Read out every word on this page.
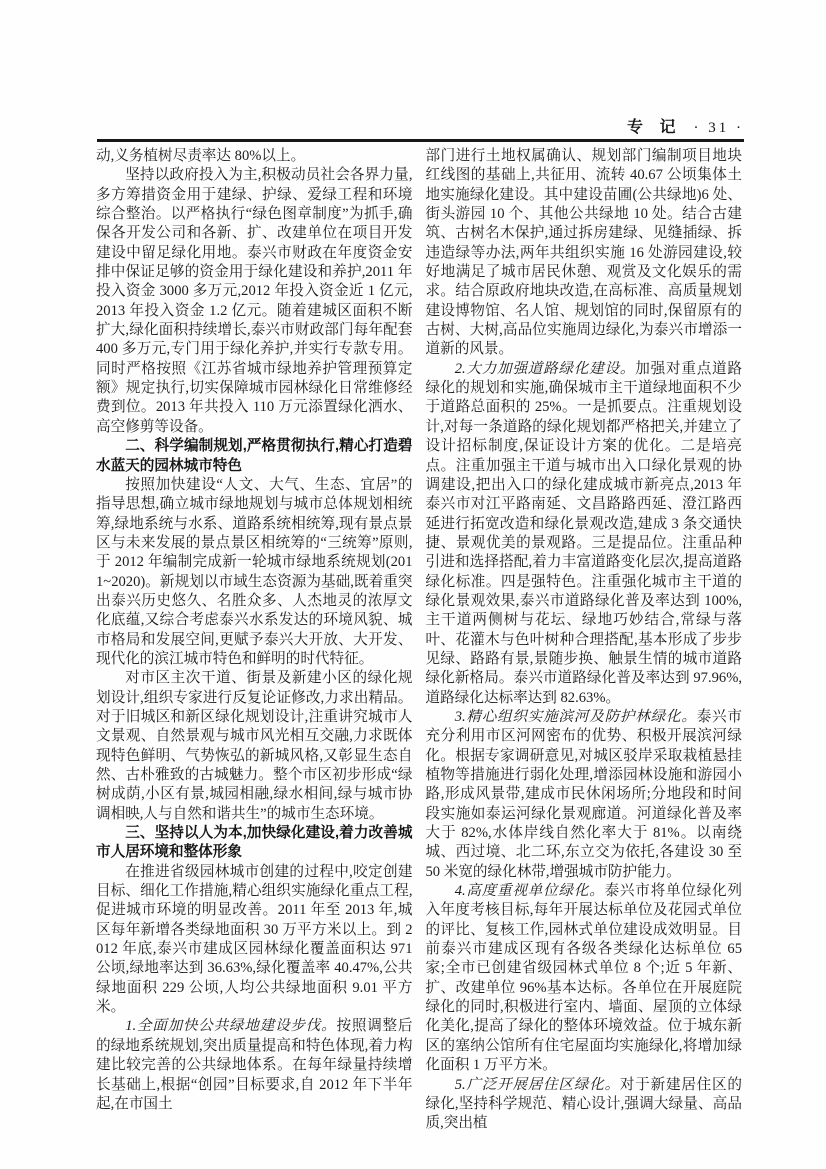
专 记 · 31 ·

动,义务植树尽责率达 80%以上。

坚持以政府投入为主,积极动员社会各界力量,多方筹措资金用于建绿、护绿、爱绿工程和环境综合整治。以严格执行“绿色图章制度”为抓手,确保各开发公司和各新、扩、改建单位在项目开发建设中留足绿化用地。泰兴市财政在年度资金安排中保证足够的资金用于绿化建设和养护,2011 年投入资金 3000 多万元,2012 年投入资金近 1 亿元,2013 年投入资金 1.2 亿元。随着建城区面积不断扩大,绿化面积持续增长,泰兴市财政部门每年配套 400 多万元,专门用于绿化养护,并实行专款专用。同时严格按照《江苏省城市绿地养护管理预算定额》规定执行,切实保障城市园林绿化日常维修经费到位。2013 年共投入 110 万元添置绿化洒水、高空修剪等设备。

二、科学编制规划,严格贯彻执行,精心打造碧水蓝天的园林城市特色

按照加快建设“人文、大气、生态、宜居”的指导思想,确立城市绿地规划与城市总体规划相统筹,绿地系统与水系、道路系统相统筹,现有景点景区与未来发展的景点景区相统筹的“三统筹”原则,于 2012 年编制完成新一轮城市绿地系统规划(2011~2020)。新规划以市域生态资源为基础,既着重突出泰兴历史悠久、名胜众多、人杰地灵的浓厚文化底蕴,又综合考虑泰兴水系发达的环境风貌、城市格局和发展空间,更赋予泰兴大开放、大开发、现代化的滨江城市特色和鲜明的时代特征。

对市区主次干道、街景及新建小区的绿化规划设计,组织专家进行反复论证修改,力求出精品。对于旧城区和新区绿化规划设计,注重讲究城市人文景观、自然景观与城市风光相互交融,力求既体现特色鲜明、气势恢弘的新城风格,又彰显生态自然、古朴雅致的古城魅力。整个市区初步形成“绿树成荫,小区有景,城园相融,绿水相间,绿与城市协调相映,人与自然和谐共生”的城市生态环境。

三、坚持以人为本,加快绿化建设,着力改善城市人居环境和整体形象

在推进省级园林城市创建的过程中,咬定创建目标、细化工作措施,精心组织实施绿化重点工程,促进城市环境的明显改善。2011 年至 2013 年,城区每年新增各类绿地面积 30 万平方米以上。到 2012 年底,泰兴市建成区园林绿化覆盖面积达 971 公顷,绿地率达到 36.63%,绿化覆盖率 40.47%,公共绿地面积 229 公顷,人均公共绿地面积 9.01 平方米。

1.全面加快公共绿地建设步伐。按照调整后的绿地系统规划,突出质量提高和特色体现,着力构建比较完善的公共绿地体系。在每年绿量持续增长基础上,根据“创园”目标要求,自 2012 年下半年起,在市国土

部门进行土地权属确认、规划部门编制项目地块红线图的基础上,共征用、流转 40.67 公顷集体土地实施绿化建设。其中建设苗圃(公共绿地)6 处、街头游园 10 个、其他公共绿地 10 处。结合古建筑、古树名木保护,通过拆房建绿、见缝插绿、拆违造绿等办法,两年共组织实施 16 处游园建设,较好地满足了城市居民休憩、观赏及文化娱乐的需求。结合原政府地块改造,在高标准、高质量规划建设博物馆、名人馆、规划馆的同时,保留原有的古树、大树,高品位实施周边绿化,为泰兴市增添一道新的风景。

2.大力加强道路绿化建设。加强对重点道路绿化的规划和实施,确保城市主干道绿地面积不少于道路总面积的 25%。一是抓要点。注重规划设计,对每一条道路的绿化规划都严格把关,并建立了设计招标制度,保证设计方案的优化。二是培亮点。注重加强主干道与城市出入口绿化景观的协调建设,把出入口的绿化建成城市新亮点,2013 年泰兴市对江平路南延、文昌路路西延、澄江路西延进行拓宽改造和绿化景观改造,建成 3 条交通快捷、景观优美的景观路。三是提品位。注重品种引进和选择搭配,着力丰富道路变化层次,提高道路绿化标准。四是强特色。注重强化城市主干道的绿化景观效果,泰兴市道路绿化普及率达到 100%,主干道两侧树与花坛、绿地巧妙结合,常绿与落叶、花灌木与色叶树种合理搭配,基本形成了步步见绿、路路有景,景随步换、触景生情的城市道路绿化新格局。泰兴市道路绿化普及率达到 97.96%,道路绿化达标率达到 82.63%。

3.精心组织实施滨河及防护林绿化。泰兴市充分利用市区河网密布的优势、积极开展滨河绿化。根据专家调研意见,对城区驳岸采取栽植悬挂植物等措施进行弱化处理,增添园林设施和游园小路,形成风景带,建成市民休闲场所;分地段和时间段实施如泰运河绿化景观廊道。河道绿化普及率大于 82%,水体岸线自然化率大于 81%。以南绕城、西过境、北二环,东立交为依托,各建设 30 至 50 米宽的绿化林带,增强城市防护能力。

4.高度重视单位绿化。泰兴市将单位绿化列入年度考核目标,每年开展达标单位及花园式单位的评比、复核工作,园林式单位建设成效明显。目前泰兴市建成区现有各级各类绿化达标单位 65 家;全市已创建省级园林式单位 8 个;近 5 年新、扩、改建单位 96%基本达标。各单位在开展庭院绿化的同时,积极进行室内、墙面、屋顶的立体绿化美化,提高了绿化的整体环境效益。位于城东新区的塞纳公馆所有住宅屋面均实施绿化,将增加绿化面积 1 万平方米。

5.广泛开展居住区绿化。对于新建居住区的绿化,坚持科学规范、精心设计,强调大绿量、高品质,突出植
